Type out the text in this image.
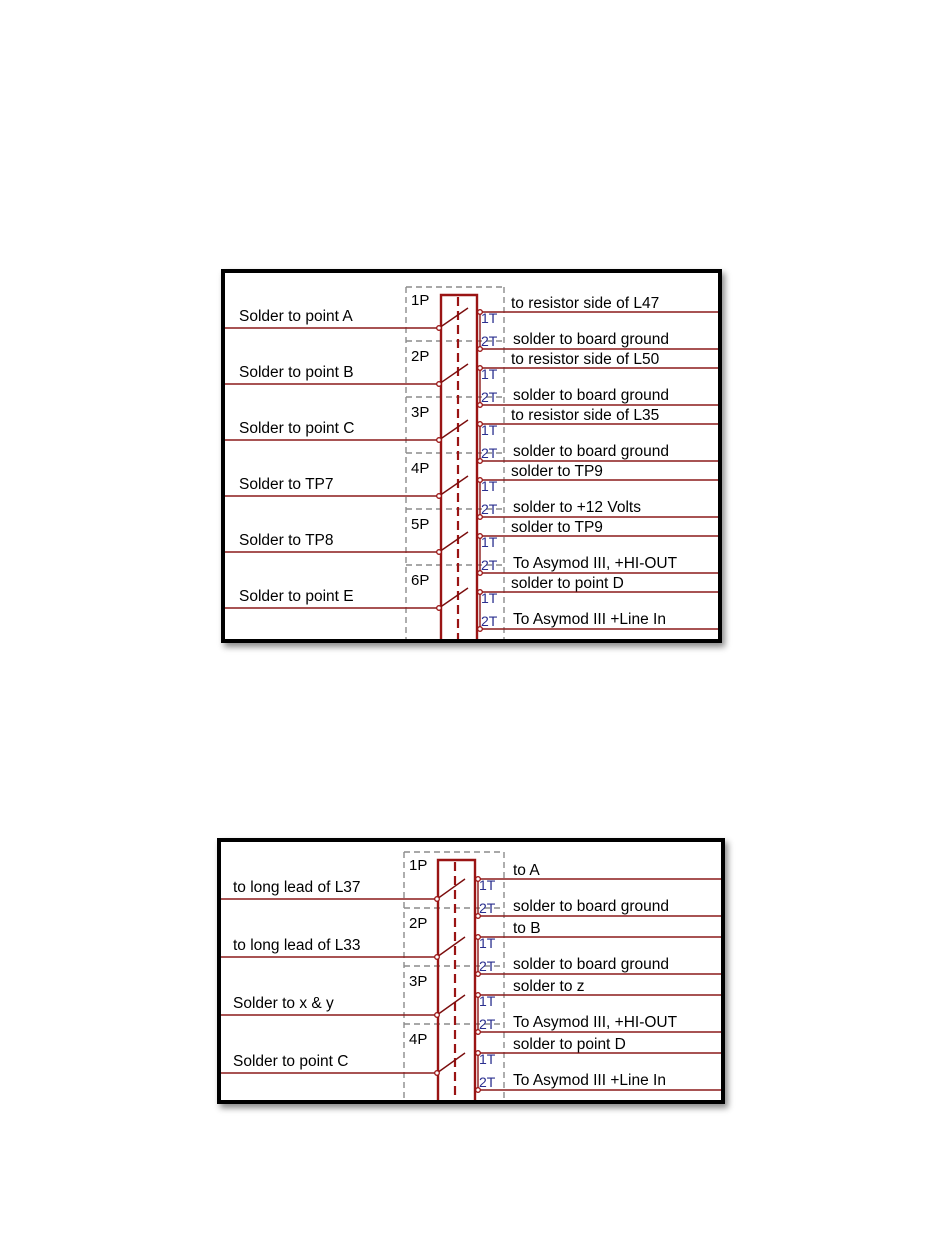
Solder to point A
1P
1T
2T
to resistor side of L47
solder to board ground
Solder to point B
2P
1T
2T
to resistor side of L50
solder to board ground
Solder to point C
3P
1T
2T
to resistor side of L35
solder to board ground
Solder to TP7
4P
1T
2T
solder to TP9
solder to +12 Volts
Solder to TP8
5P
1T
2T
solder to TP9
To Asymod III, +HI-OUT
Solder to point E
6P
1T
2T
solder to point D
To Asymod III +Line In
to long lead of L37
1P
1T
2T
to A
solder to board ground
to long lead of L33
2P
1T
2T
to B
solder to board ground
Solder to x & y
3P
1T
2T
solder to z
To Asymod III, +HI-OUT
Solder to point C
4P
1T
2T
solder to point D
To Asymod III +Line In
